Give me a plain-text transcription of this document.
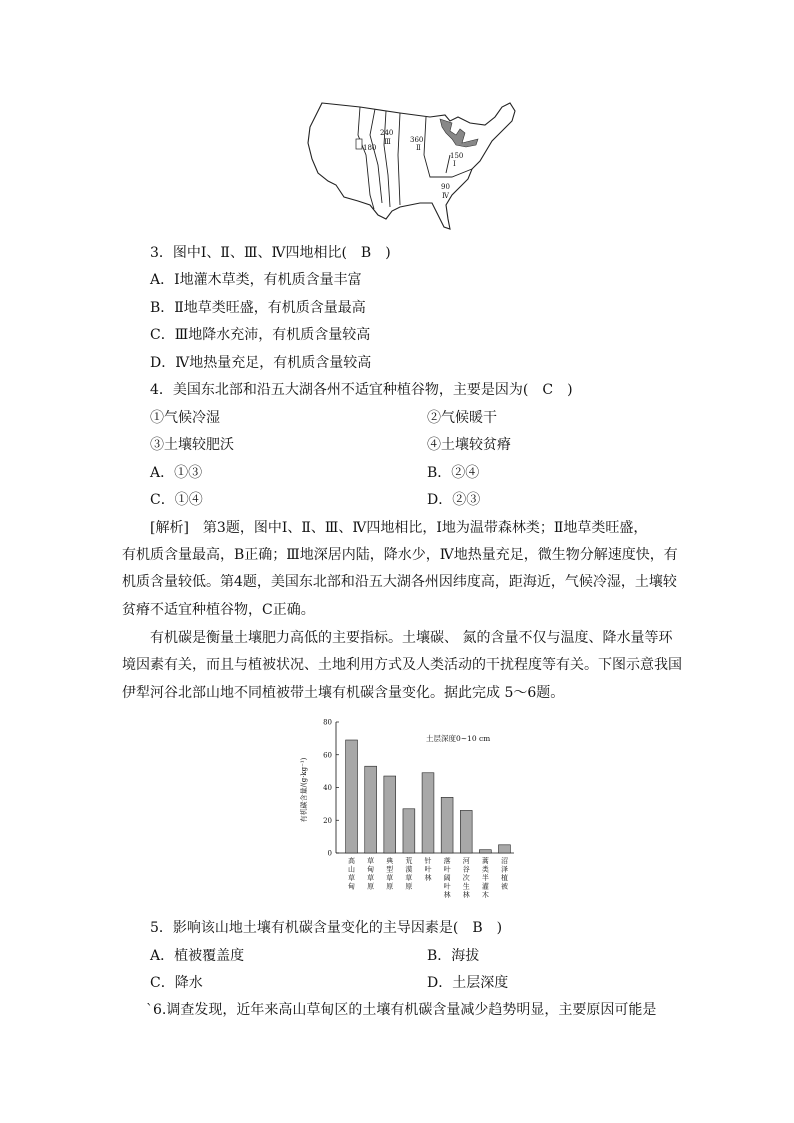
180
240
Ⅲ	360
Ⅱ
150
Ⅰ
90
Ⅳ
3．图中Ⅰ、Ⅱ、Ⅲ、Ⅳ四地相比(　B　)
A．Ⅰ地灌木草类，有机质含量丰富
B．Ⅱ地草类旺盛，有机质含量最高
C．Ⅲ地降水充沛，有机质含量较高
D．Ⅳ地热量充足，有机质含量较高
4．美国东北部和沿五大湖各州不适宜种植谷物，主要是因为(　C　)
①气候冷湿	②气候暖干
③土壤较肥沃	④土壤较贫瘠
A．①③	B．②④
C．①④	D．②③
[解析]　第3题，图中Ⅰ、Ⅱ、Ⅲ、Ⅳ四地相比，Ⅰ地为温带森林类；Ⅱ地草类旺盛，
有机质含量最高，B正确；Ⅲ地深居内陆，降水少，Ⅳ地热量充足，微生物分解速度快，有
机质含量较低。第4题，美国东北部和沿五大湖各州因纬度高，距海近，气候冷湿，土壤较
贫瘠不适宜种植谷物，C正确。
有机碳是衡量土壤肥力高低的主要指标。土壤碳、 氮的含量不仅与温度、降水量等环
境因素有关，而且与植被状况、土地利用方式及人类活动的干扰程度等有关。下图示意我国
伊犁河谷北部山地不同植被带土壤有机碳含量变化。据此完成 5～6题。
有机碳含量/(g·kg⁻¹)
土层深度0~10 cm
0
20
40
60
80
高山草甸
草甸草原
典型草原
荒漠草原
针叶林
落叶阔叶林
河谷次生林
蒿类半灌木
沼泽植被
5．影响该山地土壤有机碳含量变化的主导因素是(　B　)
A．植被覆盖度	B．海拔
C．降水	D．土层深度
`6.调查发现，近年来高山草甸区的土壤有机碳含量减少趋势明显，主要原因可能是
